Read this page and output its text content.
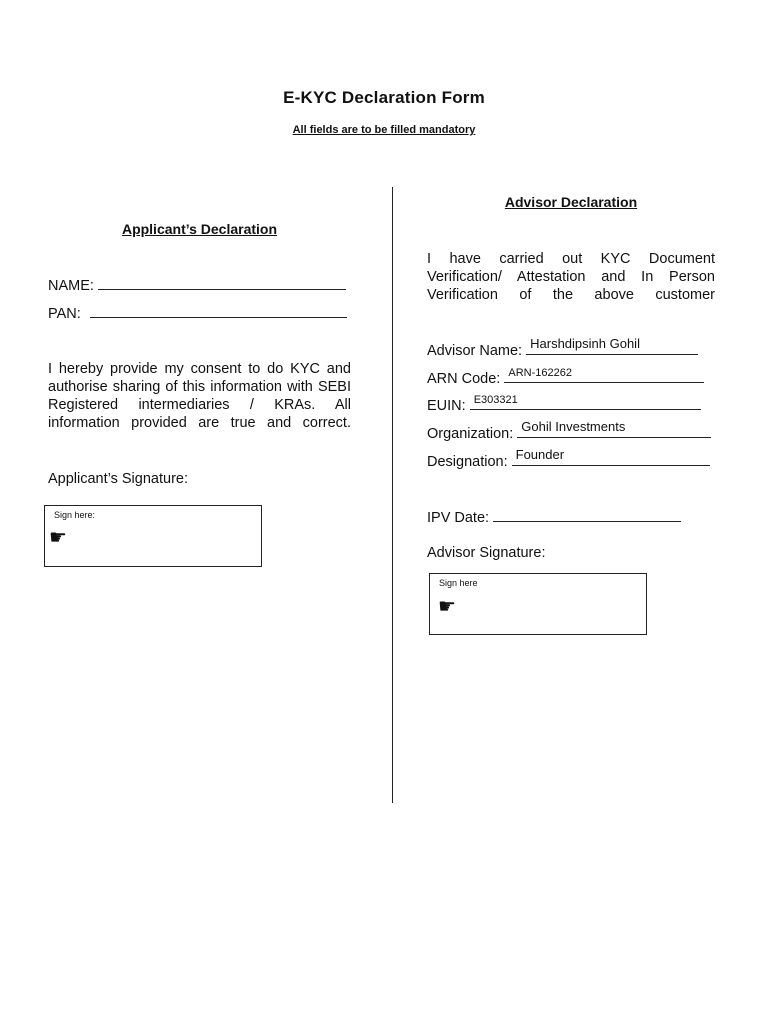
E-KYC Declaration Form
All fields are to be filled mandatory
Applicant’s Declaration
NAME:
PAN:
I hereby provide my consent to do KYC and authorise sharing of this information with SEBI Registered intermediaries / KRAs. All information provided are true and correct.
Applicant’s Signature:
Sign here:
☛
Advisor Declaration
I have carried out KYC Document Verification/ Attestation and In Person Verification of the above customer
Advisor Name: Harshdipsinh Gohil
ARN Code: ARN-162262
EUIN: E303321
Organization: Gohil Investments
Designation: Founder
IPV Date:
Advisor Signature:
Sign here
☛
